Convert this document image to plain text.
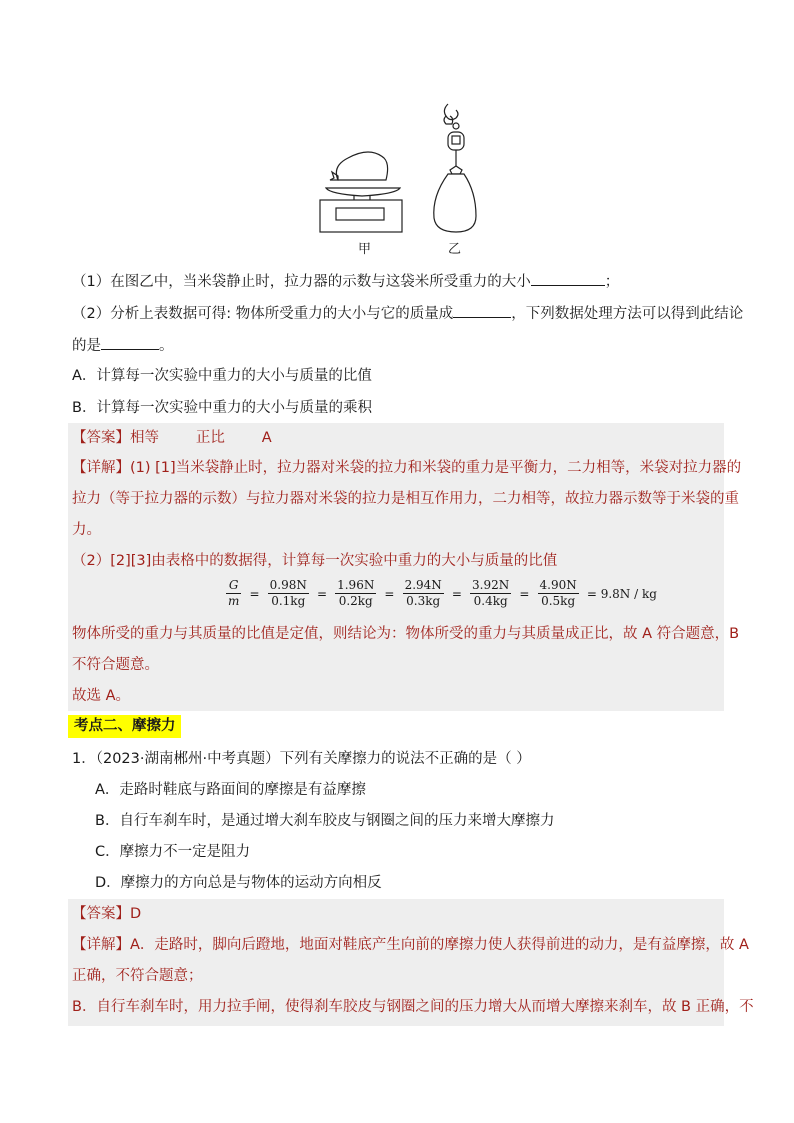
甲	乙
（1）在图乙中，当米袋静止时，拉力器的示数与这袋米所受重力的大小	；
（2）分析上表数据可得: 物体所受重力的大小与它的质量成	，下列数据处理方法可以得到此结论
的是	。
A．计算每一次实验中重力的大小与质量的比值
B．计算每一次实验中重力的大小与质量的乘积
【答案】相等        正比        A
【详解】(1) [1]当米袋静止时，拉力器对米袋的拉力和米袋的重力是平衡力，二力相等，米袋对拉力器的
拉力（等于拉力器的示数）与拉力器对米袋的拉力是相互作用力，二力相等，故拉力器示数等于米袋的重
力。
（2）[2][3]由表格中的数据得，计算每一次实验中重力的大小与质量的比值
$\frac{G}{m} = \frac{0.98N}{0.1kg} = \frac{1.96N}{0.2kg} = \frac{2.94N}{0.3kg} = \frac{3.92N}{0.4kg} = \frac{4.90N}{0.5kg} = 9.8N$ / kg
物体所受的重力与其质量的比值是定值，则结论为：物体所受的重力与其质量成正比，故 A 符合题意，B
不符合题意。
故选 A。
考点二、摩擦力
1．（2023·湖南郴州·中考真题）下列有关摩擦力的说法不正确的是（ ）
A．走路时鞋底与路面间的摩擦是有益摩擦
B．自行车刹车时，是通过增大刹车胶皮与钢圈之间的压力来增大摩擦力
C．摩擦力不一定是阻力
D．摩擦力的方向总是与物体的运动方向相反
【答案】D
【详解】A．走路时，脚向后蹬地，地面对鞋底产生向前的摩擦力使人获得前进的动力，是有益摩擦，故 A
正确，不符合题意；
B．自行车刹车时，用力拉手闸，使得刹车胶皮与钢圈之间的压力增大从而增大摩擦来刹车，故 B 正确，不
